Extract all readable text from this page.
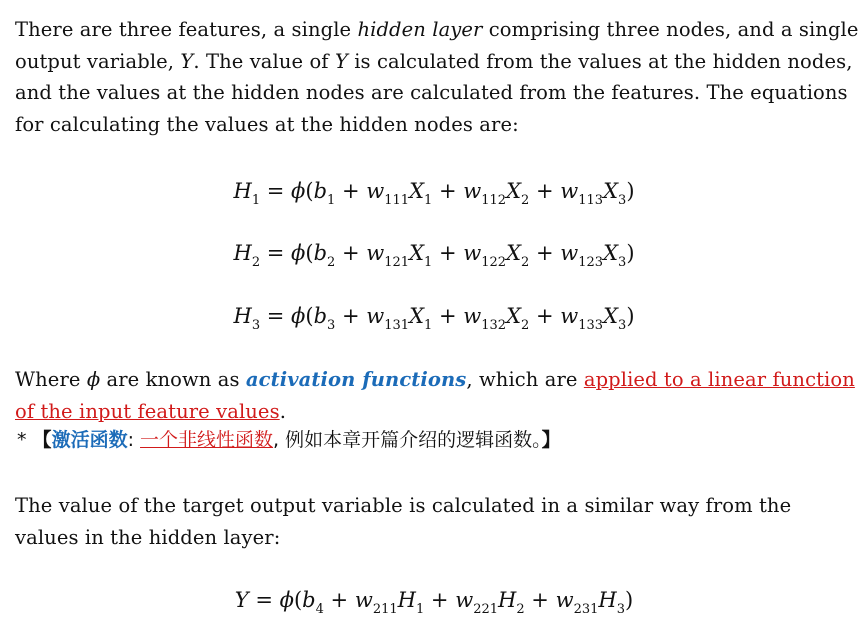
There are three features, a single hidden layer comprising three nodes, and a single output variable, Y. The value of Y is calculated from the values at the hidden nodes, and the values at the hidden nodes are calculated from the features. The equations for calculating the values at the hidden nodes are:

$H_1 = \phi(b_1 + w_{111}X_1 + w_{112}X_2 + w_{113}X_3)$
$H_2 = \phi(b_2 + w_{121}X_1 + w_{122}X_2 + w_{123}X_3)$
$H_3 = \phi(b_3 + w_{131}X_1 + w_{132}X_2 + w_{133}X_3)$

Where ϕ are known as activation functions, which are applied to a linear function of the input feature values.

* 【激活函数: 一个非线性函数, 例如本章开篇介绍的逻辑函数。】

The value of the target output variable is calculated in a similar way from the values in the hidden layer:

$Y = \phi(b_4 + w_{211}H_1 + w_{221}H_2 + w_{231}H_3)$
